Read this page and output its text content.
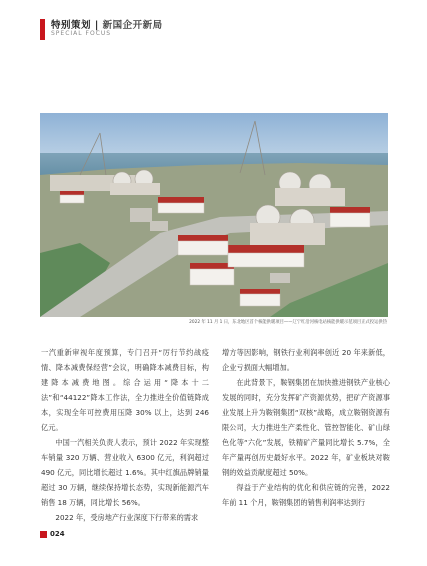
特别策划 | 新国企开新局
SPECIAL FOCUS
2022 年 11 月 1 日，东北地区首个核能供暖项目——辽宁红沿河核电站核能供暖示范项目正式投运供热

一汽重新审视年度预算，专门召开“厉行节约战疫情、降本减费保经营”会议，明确降本减费目标，构建降本减费地图。综合运用“降本十二法”和“44122”降本工作法，全力推进全价值链降成本，实现全年可控费用压降 30% 以上，达到 246 亿元。

中国一汽相关负责人表示，预计 2022 年实现整车销量 320 万辆、营业收入 6300 亿元，利润超过 490 亿元，同比增长超过 1.6%。其中红旗品牌销量超过 30 万辆，继续保持增长态势，实现新能源汽车销售 18 万辆，同比增长 56%。

2022 年，受房地产行业深度下行带来的需求

增方等因影响，钢铁行业利润率创近 20 年来新低，企业亏损面大幅增加。

在此背景下，鞍钢集团在加快推进钢铁产业核心发展的同时，充分发挥矿产资源优势，把矿产资源事业发展上升为鞍钢集团“双核”战略，成立鞍钢资源有限公司，大力推进生产柔性化、管控智能化、矿山绿色化等“六化”发展，铁精矿产量同比增长 5.7%，全年产量再创历史最好水平。2022 年，矿业板块对鞍钢的效益贡献度超过 50%。

得益于产业结构的优化和供应链的完善，2022 年前 11 个月，鞍钢集团的销售利润率达到行

024
